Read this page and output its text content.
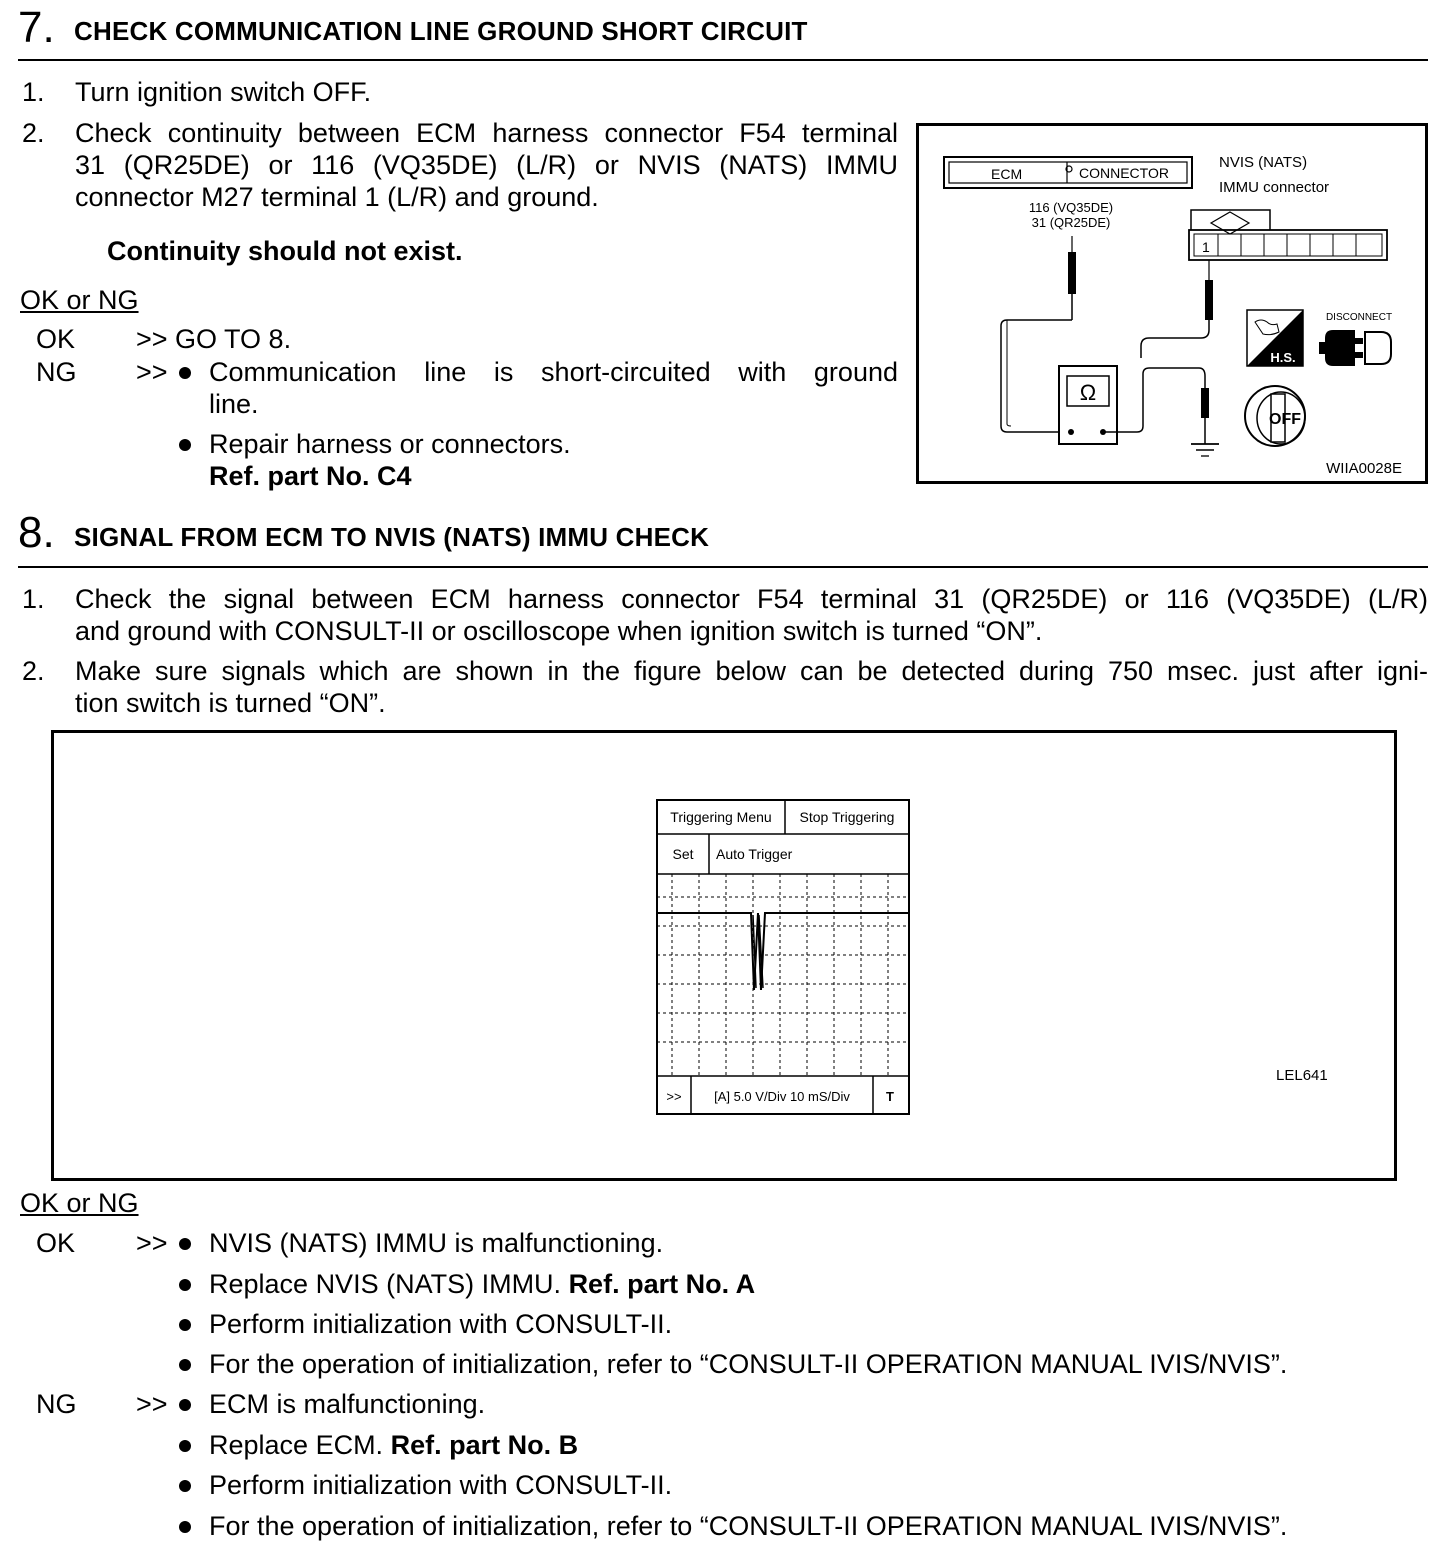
7. CHECK COMMUNICATION LINE GROUND SHORT CIRCUIT
1. Turn ignition switch OFF.
2. Check continuity between ECM harness connector F54 terminal
31 (QR25DE) or 116 (VQ35DE) (L/R) or NVIS (NATS) IMMU
connector M27 terminal 1 (L/R) and ground.
Continuity should not exist.
OK or NG
OK >> GO TO 8.
NG >> Communication line is short-circuited with ground
line.
Repair harness or connectors.
Ref. part No. C4
ECM	CONNECTOR
NVIS (NATS)
IMMU connector
116 (VQ35DE)
31 (QR25DE)
1
Ω
H.S.
DISCONNECT
OFF
WIIA0028E
8. SIGNAL FROM ECM TO NVIS (NATS) IMMU CHECK
1. Check the signal between ECM harness connector F54 terminal 31 (QR25DE) or 116 (VQ35DE) (L/R)
and ground with CONSULT-II or oscilloscope when ignition switch is turned “ON”.
2. Make sure signals which are shown in the figure below can be detected during 750 msec. just after igni-
tion switch is turned “ON”.
Triggering Menu Stop Triggering
Set Auto Trigger
>> [A] 5.0 V/Div 10 mS/Div	T
LEL641
OK or NG
OK >> NVIS (NATS) IMMU is malfunctioning.
Replace NVIS (NATS) IMMU. Ref. part No. A
Perform initialization with CONSULT-II.
For the operation of initialization, refer to “CONSULT-II OPERATION MANUAL IVIS/NVIS”.
NG >> ECM is malfunctioning.
Replace ECM. Ref. part No. B
Perform initialization with CONSULT-II.
For the operation of initialization, refer to “CONSULT-II OPERATION MANUAL IVIS/NVIS”.
